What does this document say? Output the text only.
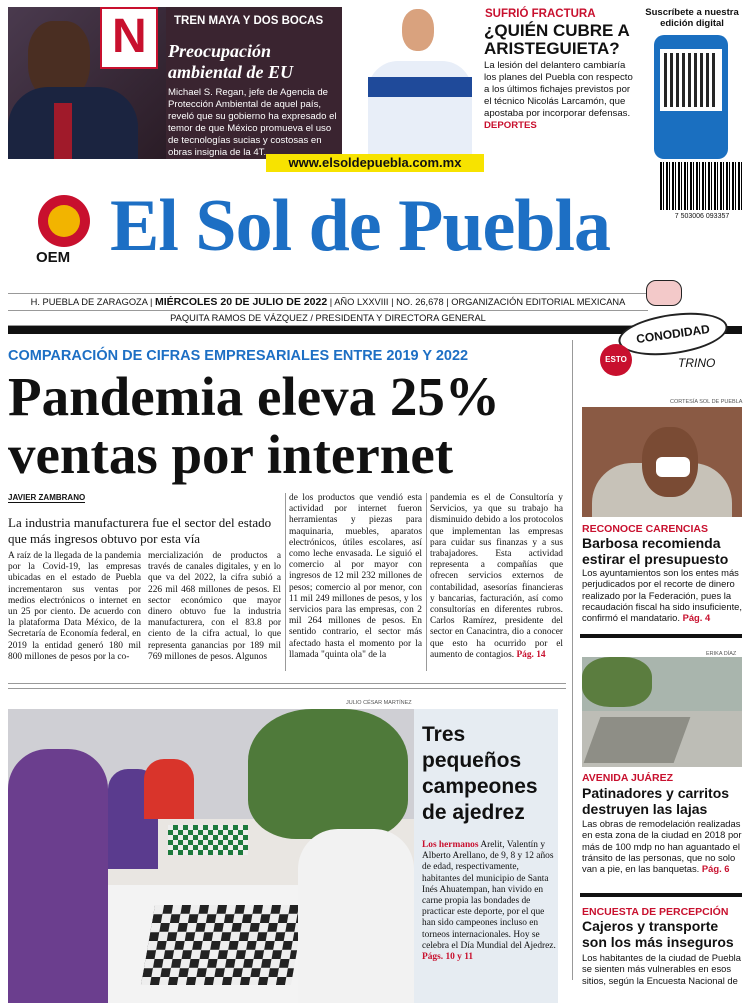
N TREN MAYA Y DOS BOCAS
Preocupación ambiental de EU
Michael S. Regan, jefe de Agencia de Protección Ambiental de aquel país, reveló que su gobierno ha expresado el temor de que México promueva el uso de tecnologías sucias y costosas en obras insignia de la 4T.
SUFRIÓ FRACTURA
¿QUIÉN CUBRE A ARISTEGUIETA?
La lesión del delantero cambiaría los planes del Puebla con respecto a los últimos fichajes previstos por el técnico Nicolás Larcamón, que apostaba por incorporar defensas. DEPORTES
Suscríbete a nuestra edición digital
www.elsoldepuebla.com.mx
OEM El Sol de Puebla	7 503006 093357
H. PUEBLA DE ZARAGOZA | MIÉRCOLES 20 DE JULIO DE 2022 | AÑO LXXVIII | NO. 26,678 | ORGANIZACIÓN EDITORIAL MEXICANA
PAQUITA RAMOS DE VÁZQUEZ / PRESIDENTA Y DIRECTORA GENERAL
CONODIDAD
TRINO
COMPARACIÓN DE CIFRAS EMPRESARIALES ENTRE 2019 Y 2022
Pandemia eleva 25% ventas por internet
JAVIER ZAMBRANO
La industria manufacturera fue el sector del estado que más ingresos obtuvo por esta vía
A raíz de la llegada de la pandemia por la Covid-19, las empresas ubicadas en el estado de Puebla incrementaron sus ventas por medios electrónicos o internet en un 25 por ciento. De acuerdo con la plataforma Data México, de la Secretaría de Economía federal, en 2019 la entidad generó 180 mil 800 millones de pesos por la co-
mercialización de productos a través de canales digitales, y en lo que va del 2022, la cifra subió a 226 mil 468 millones de pesos. El sector económico que mayor dinero obtuvo fue la industria manufacturera, con el 83.8 por ciento de la cifra actual, lo que representa ganancias por 189 mil 769 millones de pesos. Algunos
de los productos que vendió esta actividad por internet fueron herramientas y piezas para maquinaria, muebles, aparatos electrónicos, útiles escolares, así como leche envasada. Le siguió el comercio al por mayor con ingresos de 12 mil 232 millones de pesos; comercio al por menor, con 11 mil 249 millones de pesos, y los servicios para las empresas, con 2 mil 264 millones de pesos. En sentido contrario, el sector más afectado hasta el momento por la llamada "quinta ola" de la
pandemia es el de Consultoría y Servicios, ya que su trabajo ha disminuido debido a los protocolos que implementan las empresas para cuidar sus finanzas y a sus trabajadores. Esta actividad representa a compañías que ofrecen servicios externos de contabilidad, asesorías financieras y bancarias, facturación, así como consultorías en diferentes rubros. Carlos Ramírez, presidente del sector en Canacintra, dio a conocer que esto ha ocurrido por el aumento de contagios. Pág. 14
JULIO CÉSAR MARTÍNEZ
Tres pequeños campeones de ajedrez
Los hermanos Arelit, Valentín y Alberto Arellano, de 9, 8 y 12 años de edad, respectivamente, habitantes del municipio de Santa Inés Ahuatempan, han vivido en carne propia las bondades de practicar este deporte, por el que han sido campeones incluso en torneos internacionales. Hoy se celebra el Día Mundial del Ajedrez. Págs. 10 y 11
ESTO
CORTESÍA SOL DE PUEBLA
RECONOCE CARENCIAS
Barbosa recomienda estirar el presupuesto
Los ayuntamientos son los entes más perjudicados por el recorte de dinero realizado por la Federación, pues la recaudación fiscal ha sido insuficiente, confirmó el mandatario. Pág. 4
ERIKA DÍAZ
AVENIDA JUÁREZ
Patinadores y carritos destruyen las lajas
Las obras de remodelación realizadas en esta zona de la ciudad en 2018 por más de 100 mdp no han aguantado el tránsito de las personas, que no solo van a pie, en las banquetas. Pág. 6
ENCUESTA DE PERCEPCIÓN
Cajeros y transporte son los más inseguros
Los habitantes de la ciudad de Puebla se sienten más vulnerables en esos sitios, según la Encuesta Nacional de
